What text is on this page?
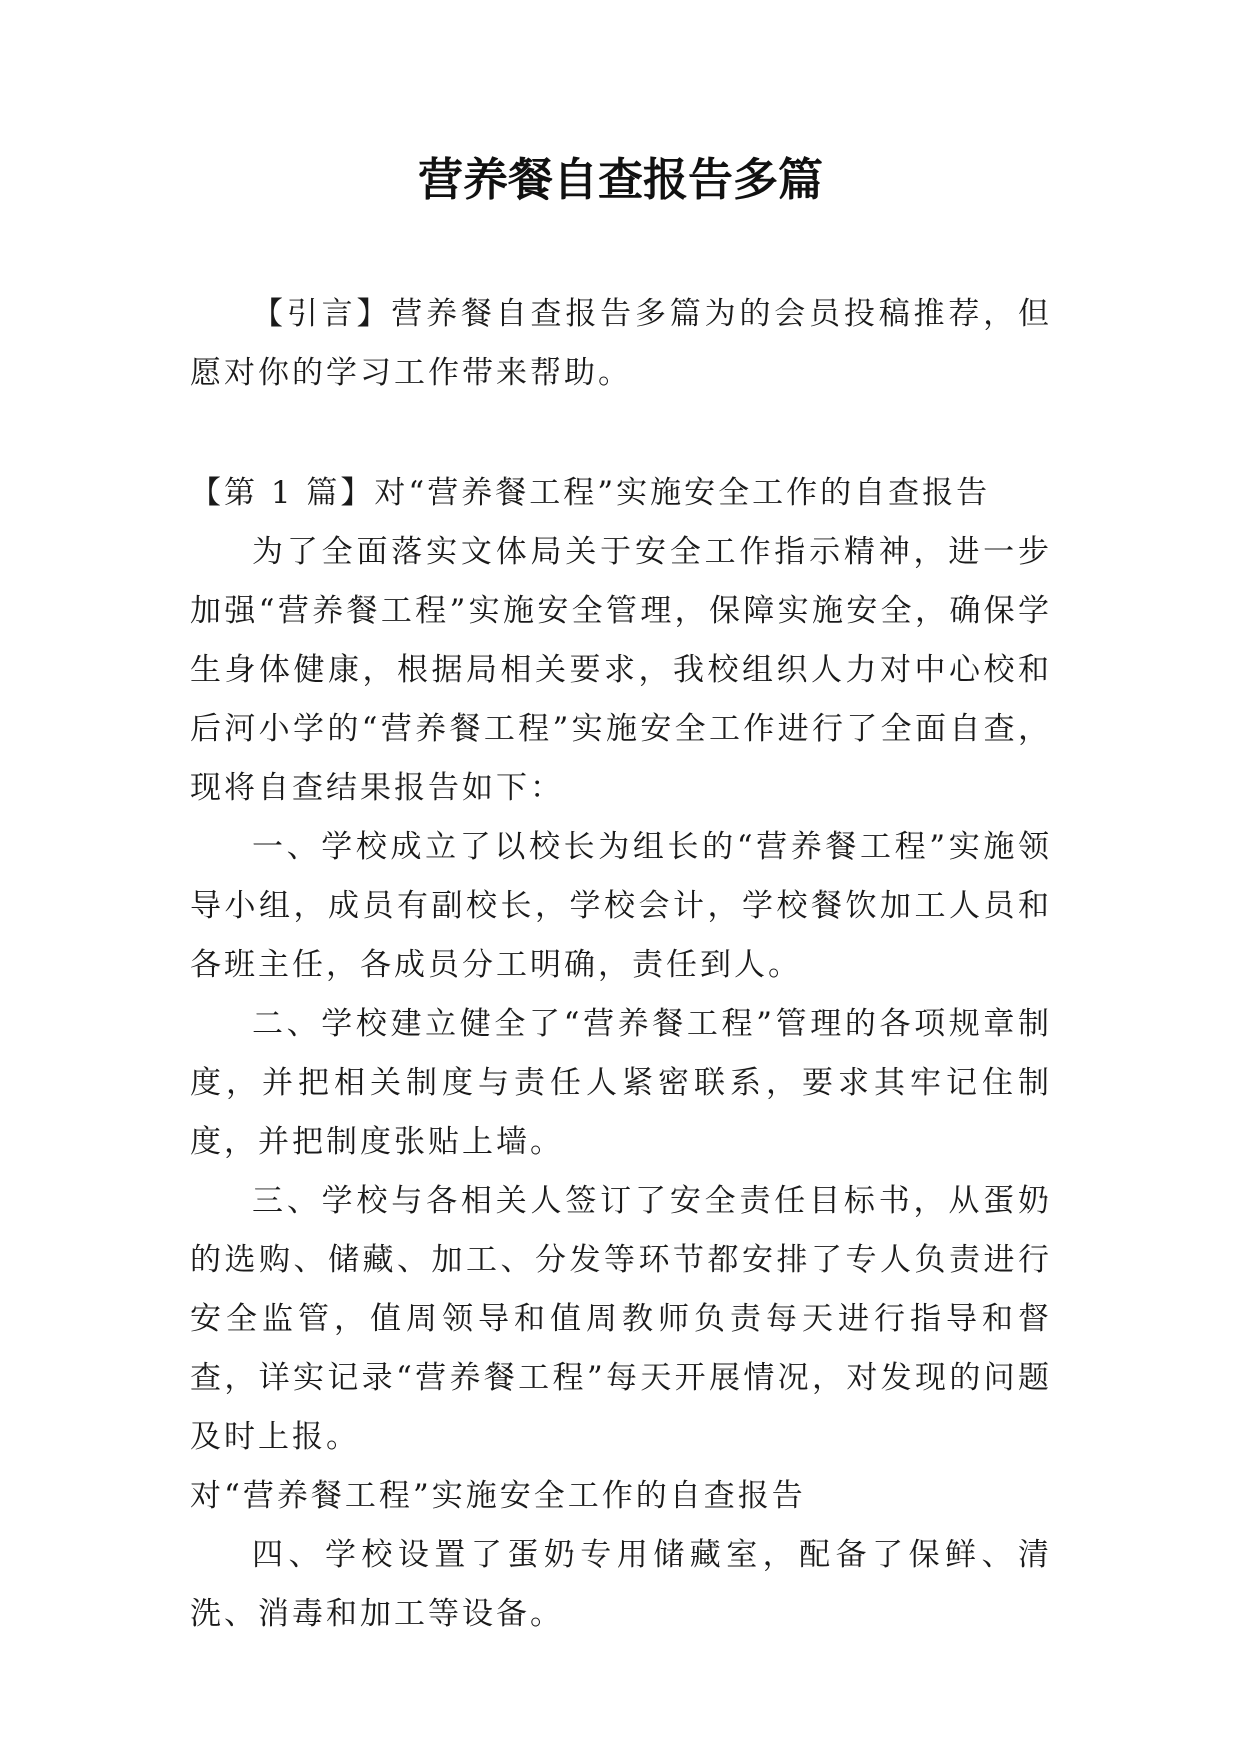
营养餐自查报告多篇

【引言】营养餐自查报告多篇为的会员投稿推荐，但愿对你的学习工作带来帮助。

【第 1 篇】对“营养餐工程”实施安全工作的自查报告

为了全面落实文体局关于安全工作指示精神，进一步加强“营养餐工程”实施安全管理，保障实施安全，确保学生身体健康，根据局相关要求，我校组织人力对中心校和后河小学的“营养餐工程”实施安全工作进行了全面自查，现将自查结果报告如下：

一、学校成立了以校长为组长的“营养餐工程”实施领导小组，成员有副校长，学校会计，学校餐饮加工人员和各班主任，各成员分工明确，责任到人。

二、学校建立健全了“营养餐工程”管理的各项规章制度，并把相关制度与责任人紧密联系，要求其牢记住制度，并把制度张贴上墙。

三、学校与各相关人签订了安全责任目标书，从蛋奶的选购、储藏、加工、分发等环节都安排了专人负责进行安全监管，值周领导和值周教师负责每天进行指导和督查，详实记录“营养餐工程”每天开展情况，对发现的问题及时上报。

对“营养餐工程”实施安全工作的自查报告

四、学校设置了蛋奶专用储藏室，配备了保鲜、清洗、消毒和加工等设备。
